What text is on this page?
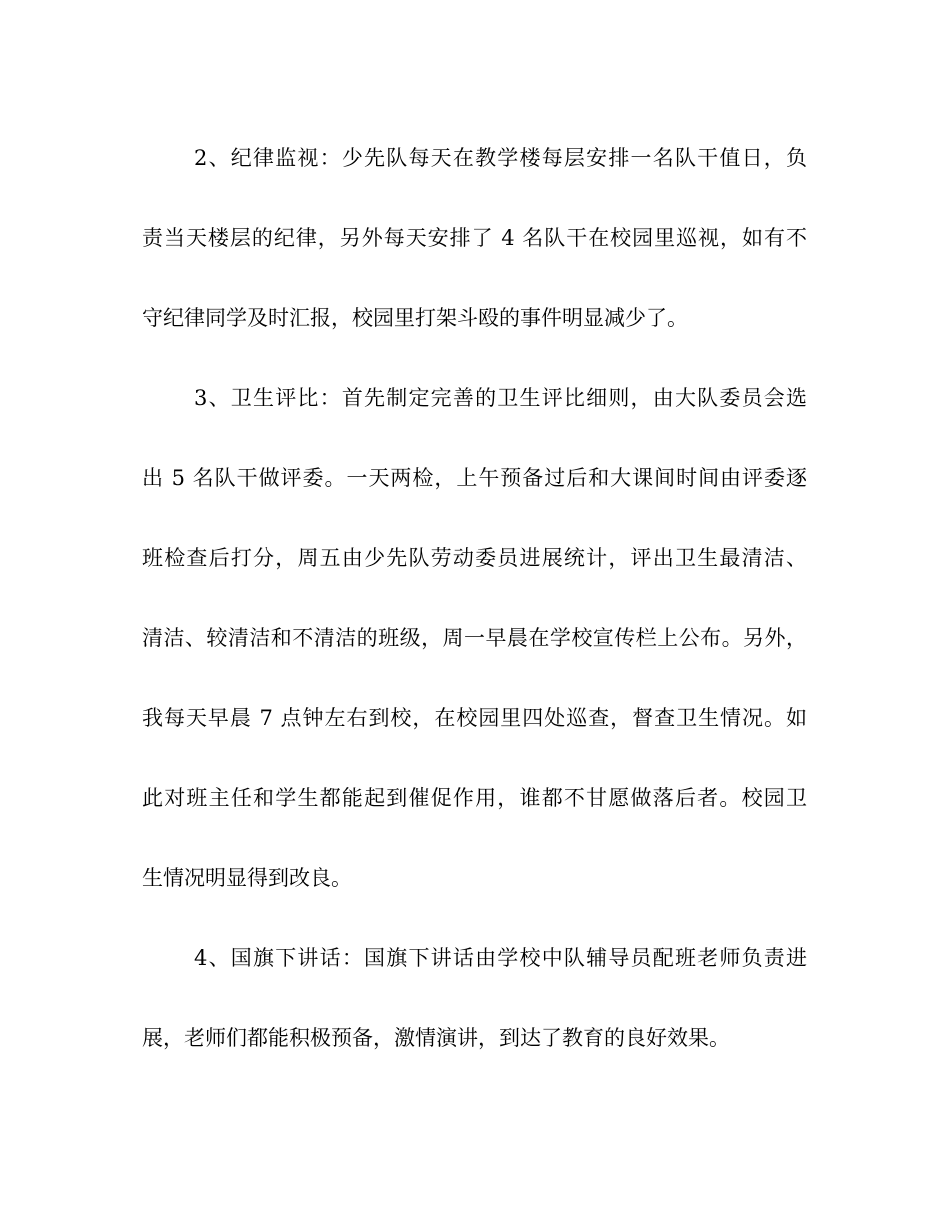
2、纪律监视：少先队每天在教学楼每层安排一名队干值日，负
责当天楼层的纪律，另外每天安排了 4 名队干在校园里巡视，如有不
守纪律同学及时汇报，校园里打架斗殴的事件明显减少了。
3、卫生评比：首先制定完善的卫生评比细则，由大队委员会选
出 5 名队干做评委。一天两检，上午预备过后和大课间时间由评委逐
班检查后打分，周五由少先队劳动委员进展统计，评出卫生最清洁、
清洁、较清洁和不清洁的班级，周一早晨在学校宣传栏上公布。另外，
我每天早晨 7 点钟左右到校，在校园里四处巡查，督查卫生情况。如
此对班主任和学生都能起到催促作用，谁都不甘愿做落后者。校园卫
生情况明显得到改良。
4、国旗下讲话：国旗下讲话由学校中队辅导员配班老师负责进
展，老师们都能积极预备，激情演讲，到达了教育的良好效果。
